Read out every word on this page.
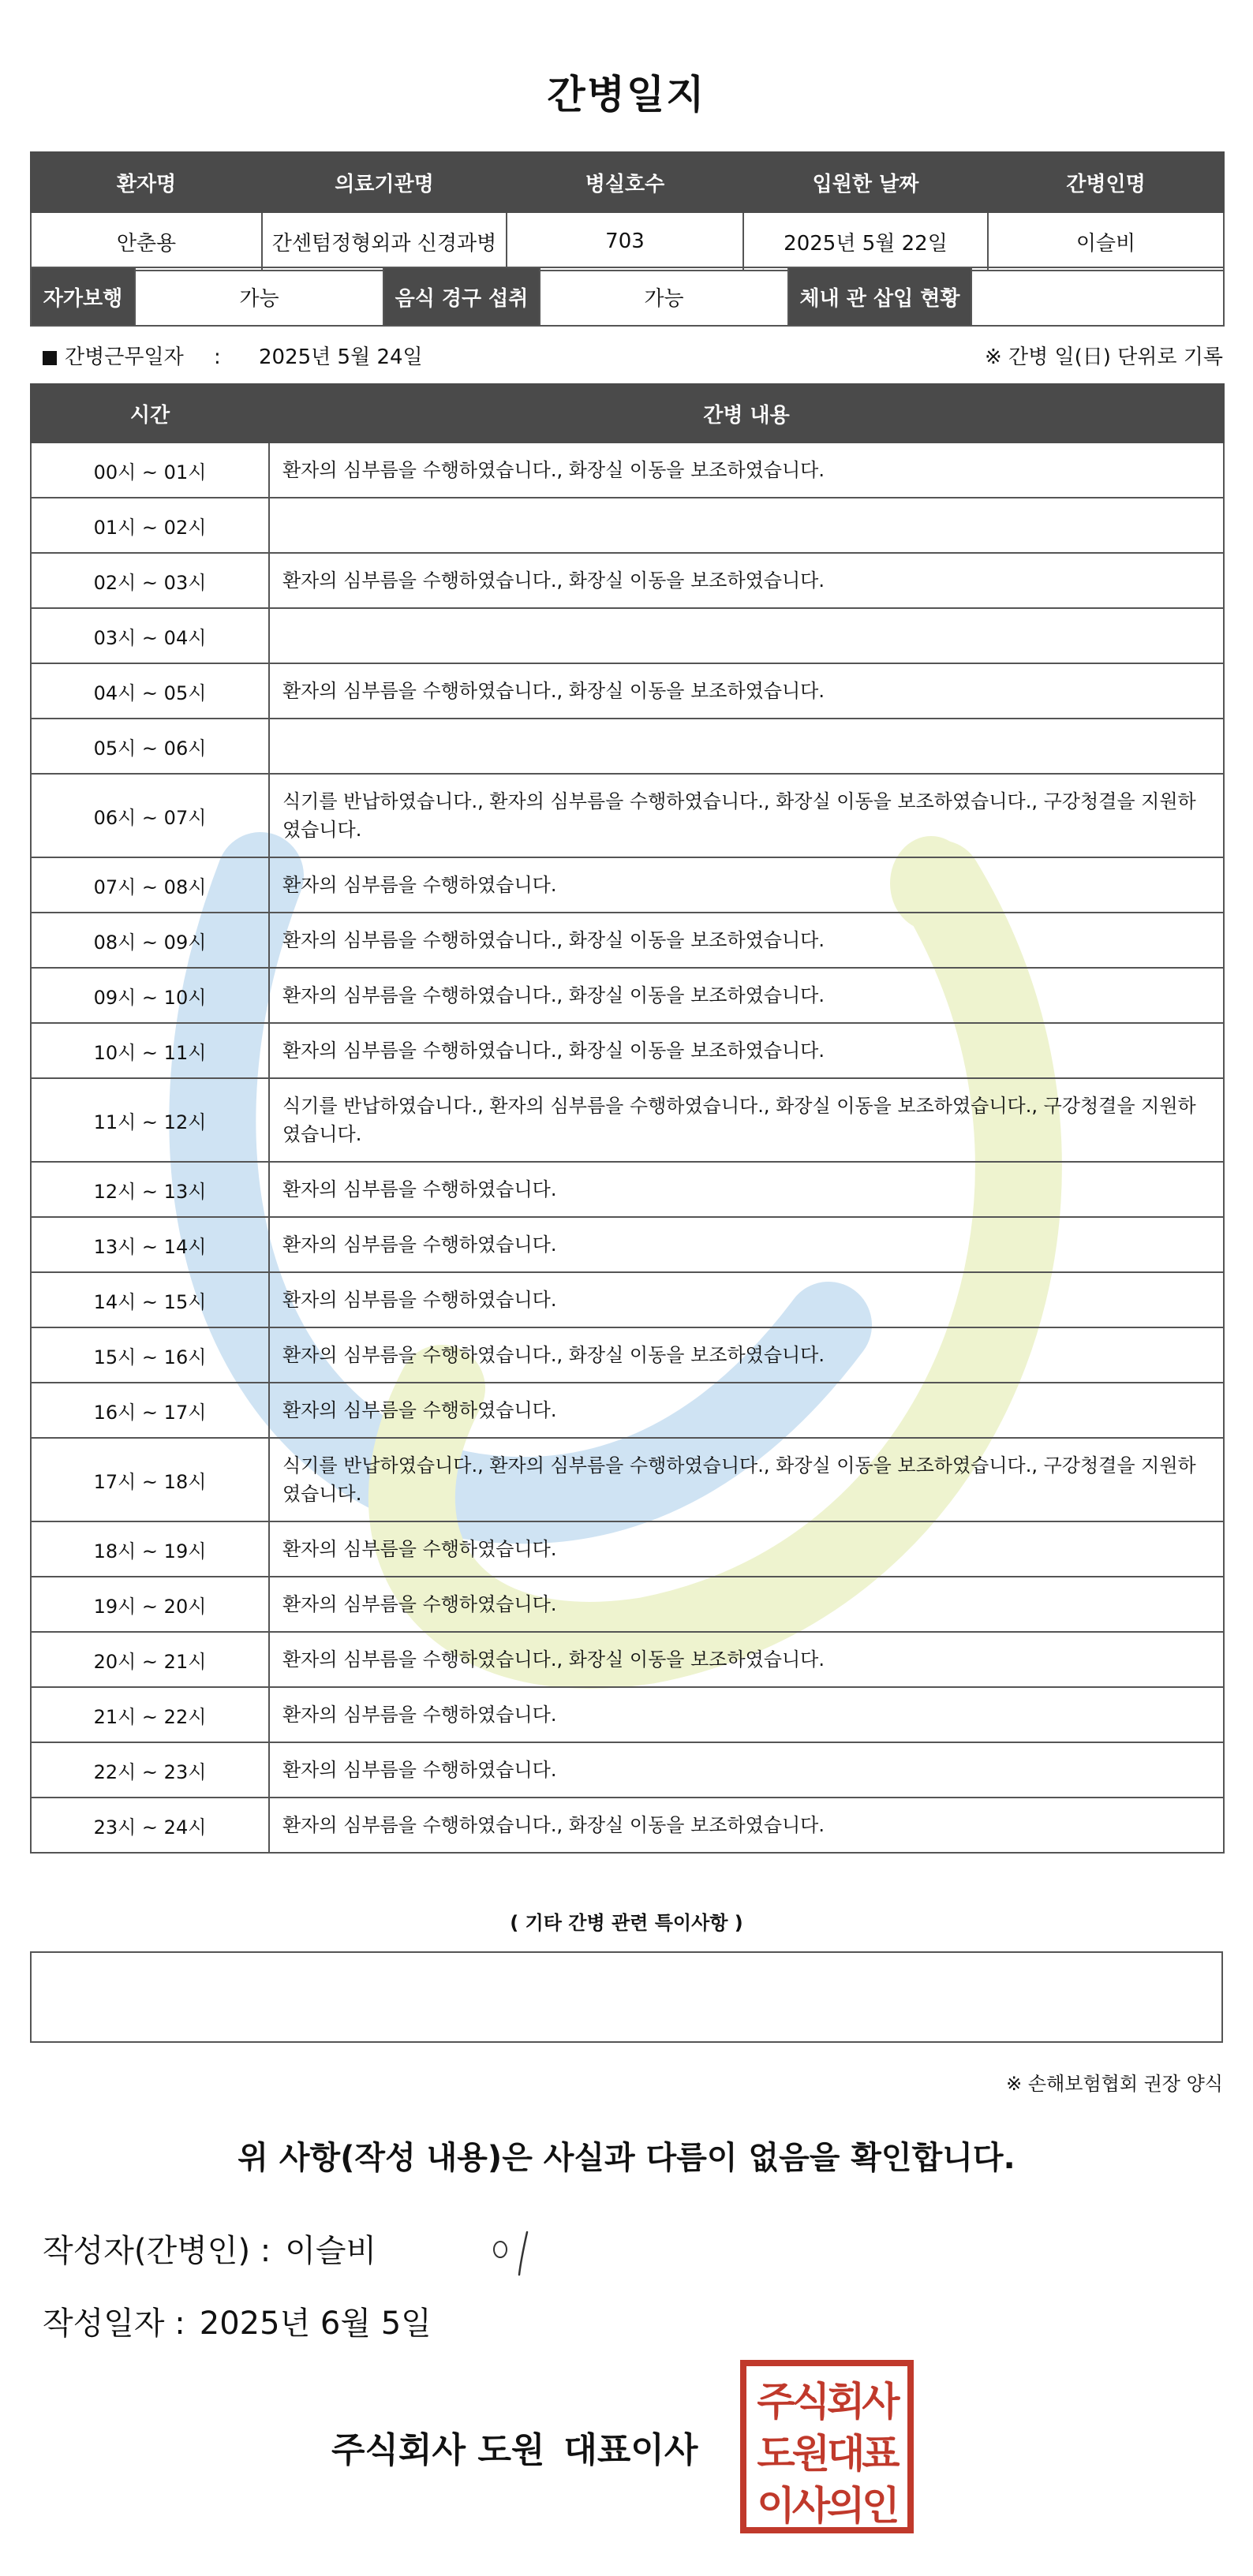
간병일지
환자명	의료기관명	병실호수	입원한 날짜	간병인명
안춘용	간센텀정형외과 신경과병	703	2025년 5월 22일	이슬비
자가보행	가능	음식 경구 섭취	가능	체내 관 삽입 현황	
간병근무일자 : 2025년 5월 24일	※ 간병 일(日) 단위로 기록
시간	간병 내용
00시 ~ 01시	환자의 심부름을 수행하였습니다., 화장실 이동을 보조하였습니다.
01시 ~ 02시	
02시 ~ 03시	환자의 심부름을 수행하였습니다., 화장실 이동을 보조하였습니다.
03시 ~ 04시	
04시 ~ 05시	환자의 심부름을 수행하였습니다., 화장실 이동을 보조하였습니다.
05시 ~ 06시	
06시 ~ 07시	식기를 반납하였습니다., 환자의 심부름을 수행하였습니다., 화장실 이동을 보조하였습니다., 구강청결을 지원하였습니다.
07시 ~ 08시	환자의 심부름을 수행하였습니다.
08시 ~ 09시	환자의 심부름을 수행하였습니다., 화장실 이동을 보조하였습니다.
09시 ~ 10시	환자의 심부름을 수행하였습니다., 화장실 이동을 보조하였습니다.
10시 ~ 11시	환자의 심부름을 수행하였습니다., 화장실 이동을 보조하였습니다.
11시 ~ 12시	식기를 반납하였습니다., 환자의 심부름을 수행하였습니다., 화장실 이동을 보조하였습니다., 구강청결을 지원하였습니다.
12시 ~ 13시	환자의 심부름을 수행하였습니다.
13시 ~ 14시	환자의 심부름을 수행하였습니다.
14시 ~ 15시	환자의 심부름을 수행하였습니다.
15시 ~ 16시	환자의 심부름을 수행하였습니다., 화장실 이동을 보조하였습니다.
16시 ~ 17시	환자의 심부름을 수행하였습니다.
17시 ~ 18시	식기를 반납하였습니다., 환자의 심부름을 수행하였습니다., 화장실 이동을 보조하였습니다., 구강청결을 지원하였습니다.
18시 ~ 19시	환자의 심부름을 수행하였습니다.
19시 ~ 20시	환자의 심부름을 수행하였습니다.
20시 ~ 21시	환자의 심부름을 수행하였습니다., 화장실 이동을 보조하였습니다.
21시 ~ 22시	환자의 심부름을 수행하였습니다.
22시 ~ 23시	환자의 심부름을 수행하였습니다.
23시 ~ 24시	환자의 심부름을 수행하였습니다., 화장실 이동을 보조하였습니다.
( 기타 간병 관련 특이사항 )
※ 손해보험협회 권장 양식
위 사항(작성 내용)은 사실과 다름이 없음을 확인합니다.
작성자(간병인) : 이슬비
작성일자 : 2025년 6월 5일
주식회사 도원 대표이사
주식회사
도원대표
이사의인
